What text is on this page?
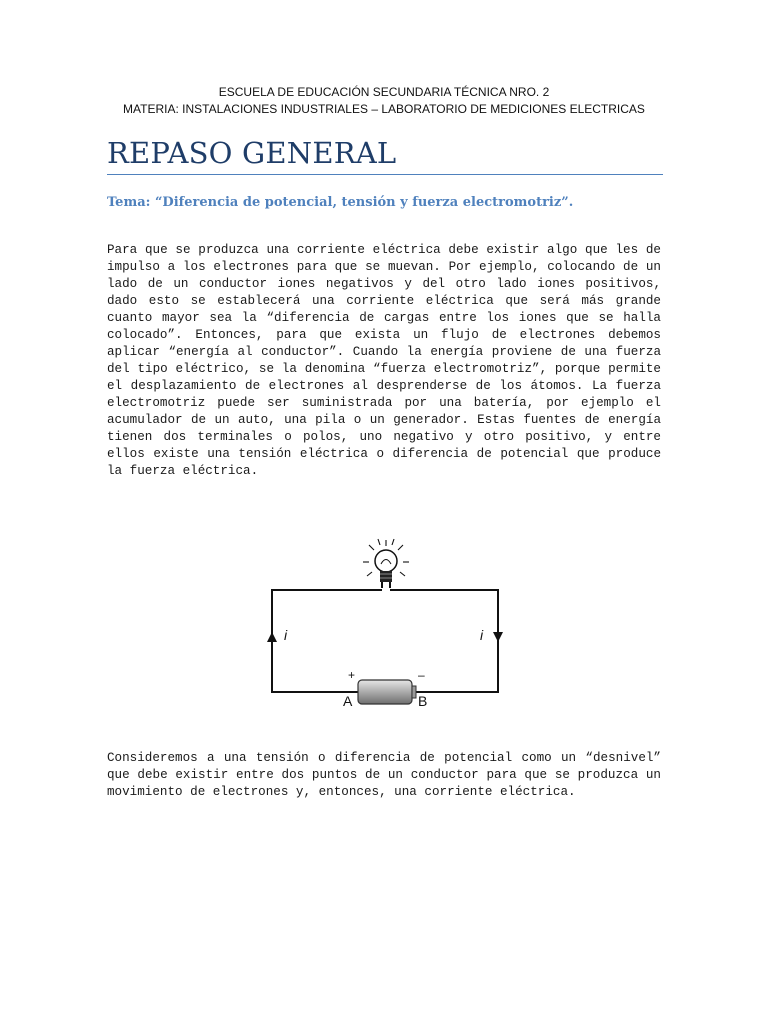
ESCUELA DE EDUCACIÓN SECUNDARIA TÉCNICA NRO. 2
MATERIA: INSTALACIONES INDUSTRIALES – LABORATORIO DE MEDICIONES ELECTRICAS
REPASO GENERAL
Tema: “Diferencia de potencial, tensión y fuerza electromotriz”.

Para que se produzca una corriente eléctrica debe existir algo que les de impulso a los electrones para que se muevan. Por ejemplo, colocando de un lado de un conductor iones negativos y del otro lado iones positivos, dado esto se establecerá una corriente eléctrica que será más grande cuanto mayor sea la “diferencia de cargas entre los iones que se halla colocado”. Entonces, para que exista un flujo de electrones debemos aplicar “energía al conductor”. Cuando la energía proviene de una fuerza del tipo eléctrico, se la denomina “fuerza electromotriz”, porque permite el desplazamiento de electrones al desprenderse de los átomos. La fuerza electromotriz puede ser suministrada por una batería, por ejemplo el acumulador de un auto, una pila o un generador. Estas fuentes de energía tienen dos terminales o polos, uno negativo y otro positivo, y entre ellos existe una tensión eléctrica o diferencia de potencial que produce la fuerza eléctrica.

i	i
+	–
A	B

Consideremos a una tensión o diferencia de potencial como un “desnivel” que debe existir entre dos puntos de un conductor para que se produzca un movimiento de electrones y, entonces, una corriente eléctrica.
